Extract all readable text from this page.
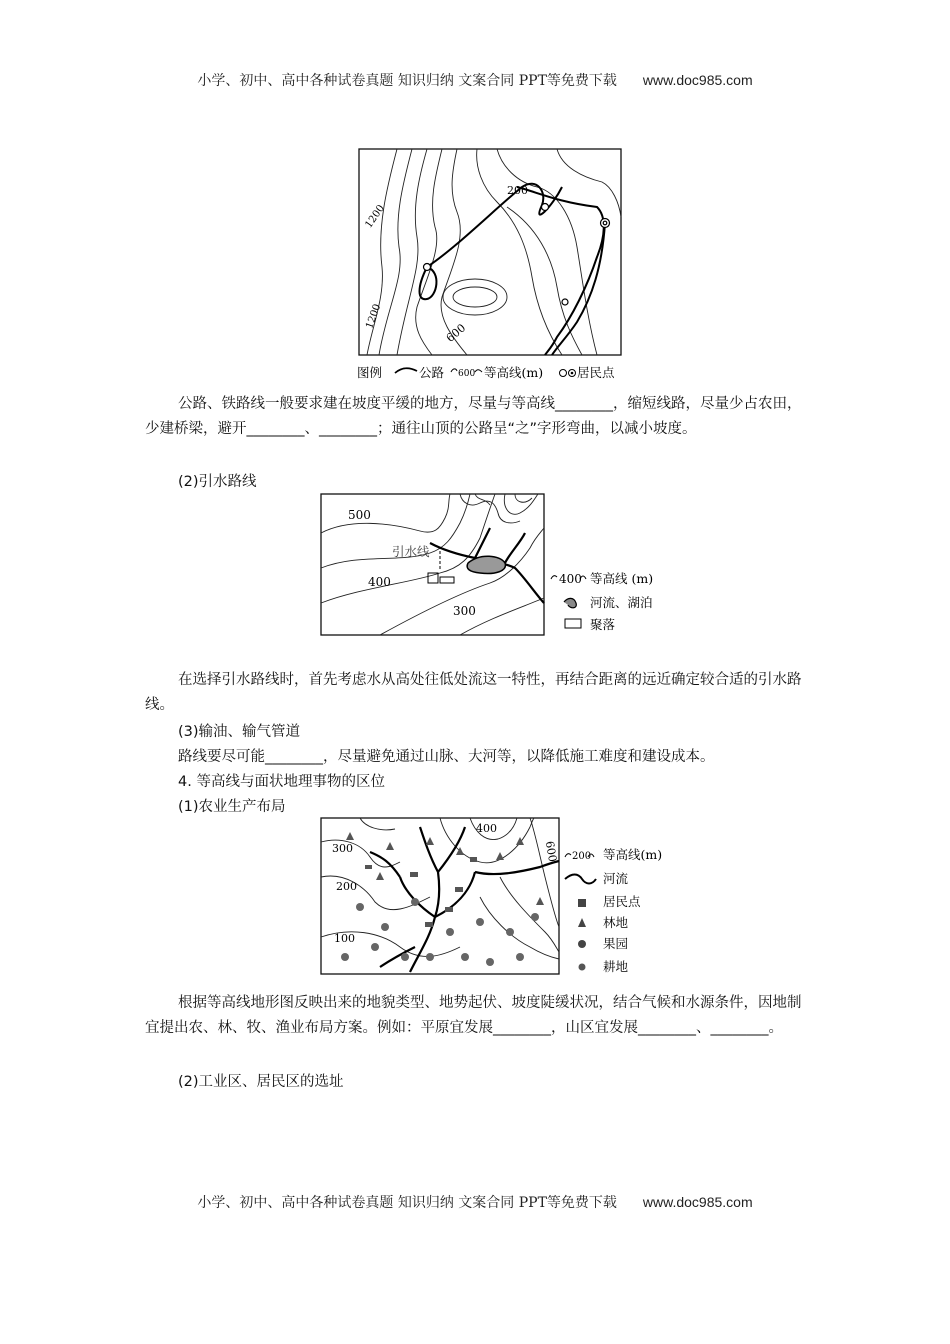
小学、初中、高中各种试卷真题 知识归纳 文案合同 PPT等免费下载 www.doc985.com
1200
200
600
1200
图例	公路 600 等高线(m)	居民点
公路、铁路线一般要求建在坡度平缓的地方，尽量与等高线________，缩短线路，尽量少占农田，少建桥梁，避开________、________；通往山顶的公路呈“之”字形弯曲，以减小坡度。
(2)引水路线
500
400
300
引水线
400 等高线 (m)
河流、湖泊
聚落
在选择引水路线时，首先考虑水从高处往低处流这一特性，再结合距离的远近确定较合适的引水路线。
(3)输油、输气管道
路线要尽可能________，尽量避免通过山脉、大河等，以降低施工难度和建设成本。
4. 等高线与面状地理事物的区位
(1)农业生产布局
300
200
100
400
600 200 等高线(m)
河流
居民点
林地
果园
耕地
根据等高线地形图反映出来的地貌类型、地势起伏、坡度陡缓状况，结合气候和水源条件，因地制宜提出农、林、牧、渔业布局方案。例如：平原宜发展________，山区宜发展________、________。
(2)工业区、居民区的选址
小学、初中、高中各种试卷真题 知识归纳 文案合同 PPT等免费下载 www.doc985.com
